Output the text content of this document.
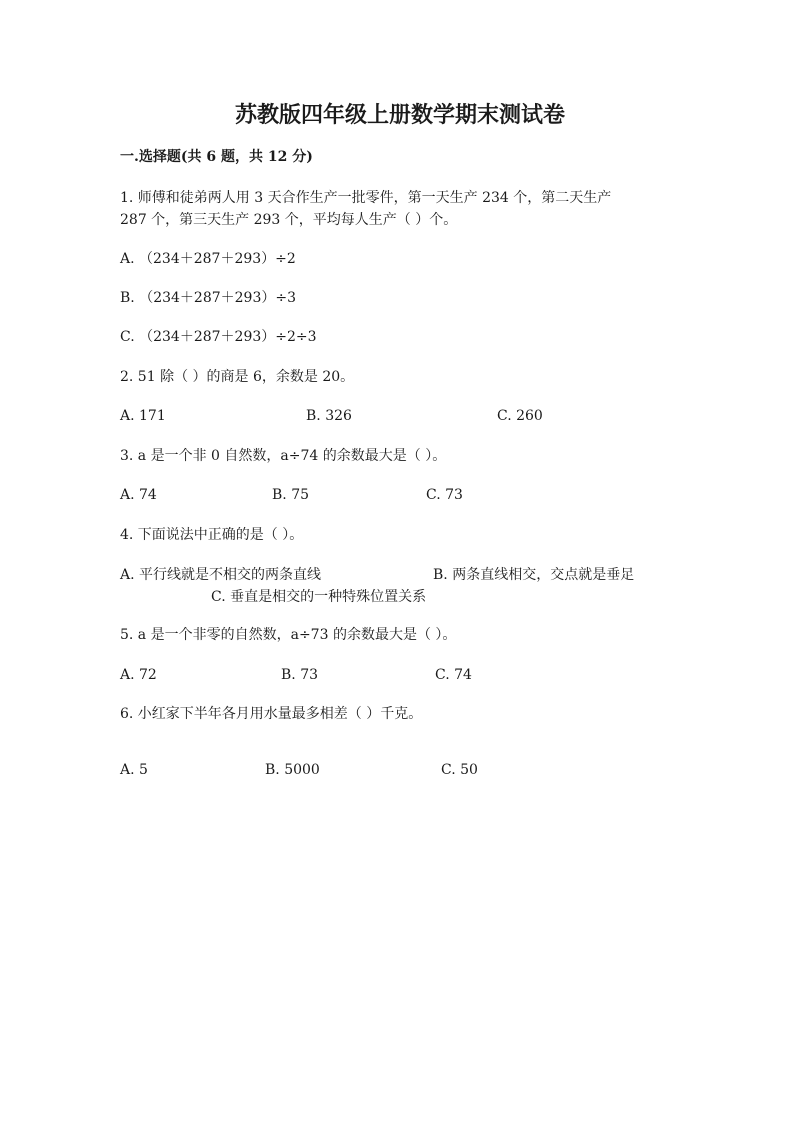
苏教版四年级上册数学期末测试卷
一.选择题(共 6 题，共 12 分)
1. 师傅和徒弟两人用 3 天合作生产一批零件，第一天生产 234 个，第二天生产
287 个，第三天生产 293 个，平均每人生产（ ）个。
A. （234＋287＋293）÷2
B. （234＋287＋293）÷3
C. （234＋287＋293）÷2÷3
2. 51 除（ ）的商是 6，余数是 20。
A. 171	B. 326	C. 260
3. a 是一个非 0 自然数，a÷74 的余数最大是（ ）。
A. 74	B. 75	C. 73
4. 下面说法中正确的是（ ）。
A. 平行线就是不相交的两条直线	B. 两条直线相交，交点就是垂足
C. 垂直是相交的一种特殊位置关系
5. a 是一个非零的自然数，a÷73 的余数最大是（ ）。
A. 72	B. 73	C. 74
6. 小红家下半年各月用水量最多相差（ ）千克。
A. 5	B. 5000	C. 50
